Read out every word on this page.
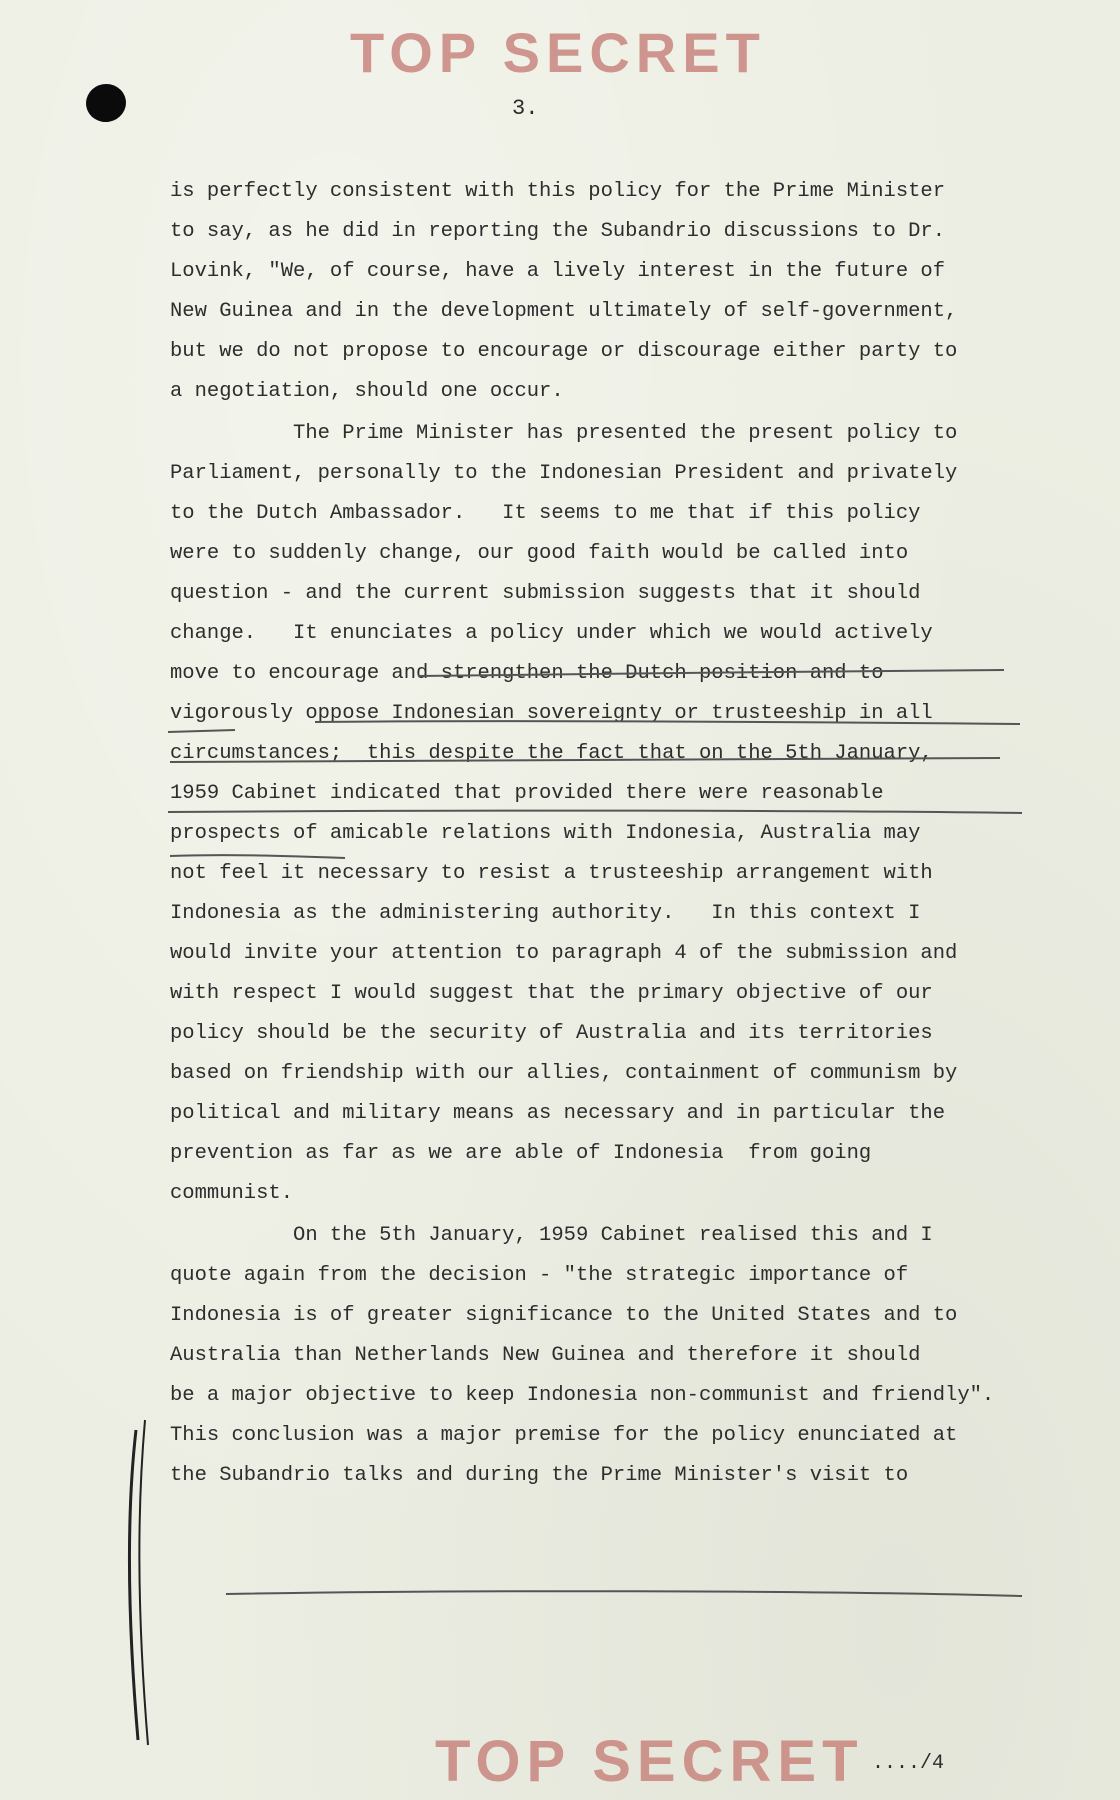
TOP SECRET
3.
is perfectly consistent with this policy for the Prime Minister
to say, as he did in reporting the Subandrio discussions to Dr.
Lovink, "We, of course, have a lively interest in the future of
New Guinea and in the development ultimately of self-government,
but we do not propose to encourage or discourage either party to
a negotiation, should one occur.
The Prime Minister has presented the present policy to
Parliament, personally to the Indonesian President and privately
to the Dutch Ambassador.   It seems to me that if this policy
were to suddenly change, our good faith would be called into
question - and the current submission suggests that it should
change.   It enunciates a policy under which we would actively
move to encourage and strengthen the Dutch position and to
vigorously oppose Indonesian sovereignty or trusteeship in all
circumstances;  this despite the fact that on the 5th January,
1959 Cabinet indicated that provided there were reasonable
prospects of amicable relations with Indonesia, Australia may
not feel it necessary to resist a trusteeship arrangement with
Indonesia as the administering authority.   In this context I
would invite your attention to paragraph 4 of the submission and
with respect I would suggest that the primary objective of our
policy should be the security of Australia and its territories
based on friendship with our allies, containment of communism by
political and military means as necessary and in particular the
prevention as far as we are able of Indonesia  from going
communist.
On the 5th January, 1959 Cabinet realised this and I
quote again from the decision - "the strategic importance of
Indonesia is of greater significance to the United States and to
Australia than Netherlands New Guinea and therefore it should
be a major objective to keep Indonesia non-communist and friendly".
This conclusion was a major premise for the policy enunciated at
the Subandrio talks and during the Prime Minister's visit to
TOP SECRET ..../4
